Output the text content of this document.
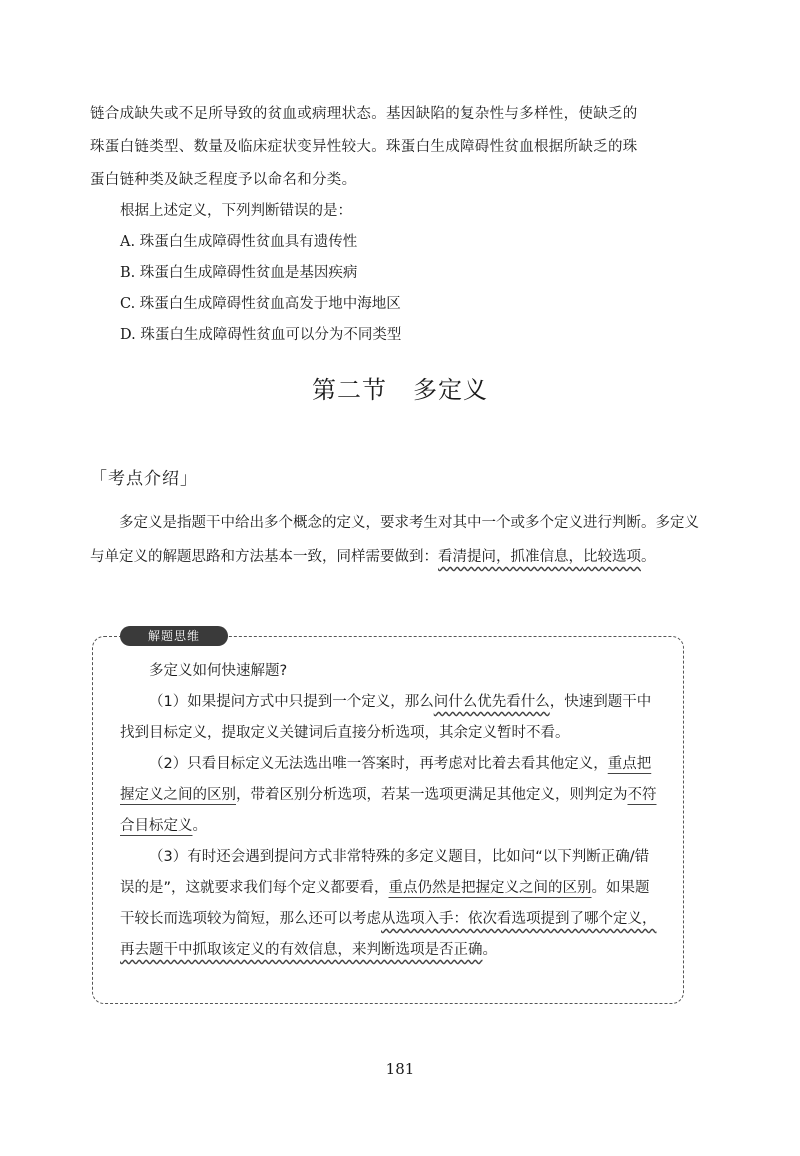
链合成缺失或不足所导致的贫血或病理状态。基因缺陷的复杂性与多样性，使缺乏的

珠蛋白链类型、数量及临床症状变异性较大。珠蛋白生成障碍性贫血根据所缺乏的珠

蛋白链种类及缺乏程度予以命名和分类。

根据上述定义，下列判断错误的是：

A. 珠蛋白生成障碍性贫血具有遗传性

B. 珠蛋白生成障碍性贫血是基因疾病

C. 珠蛋白生成障碍性贫血高发于地中海地区

D. 珠蛋白生成障碍性贫血可以分为不同类型

第二节 多定义
「考点介绍」

多定义是指题干中给出多个概念的定义，要求考生对其中一个或多个定义进行判断。多定义与单定义的解题思路和方法基本一致，同样需要做到：看清提问，抓准信息，比较选项。

解题思维

多定义如何快速解题?

（1）如果提问方式中只提到一个定义，那么问什么优先看什么，快速到题干中找到目标定义，提取定义关键词后直接分析选项，其余定义暂时不看。

（2）只看目标定义无法选出唯一答案时，再考虑对比着去看其他定义，重点把握定义之间的区别，带着区别分析选项，若某一选项更满足其他定义，则判定为不符合目标定义。

（3）有时还会遇到提问方式非常特殊的多定义题目，比如问“以下判断正确/错误的是”，这就要求我们每个定义都要看，重点仍然是把握定义之间的区别。如果题干较长而选项较为简短，那么还可以考虑从选项入手：依次看选项提到了哪个定义，再去题干中抓取该定义的有效信息，来判断选项是否正确。

181
